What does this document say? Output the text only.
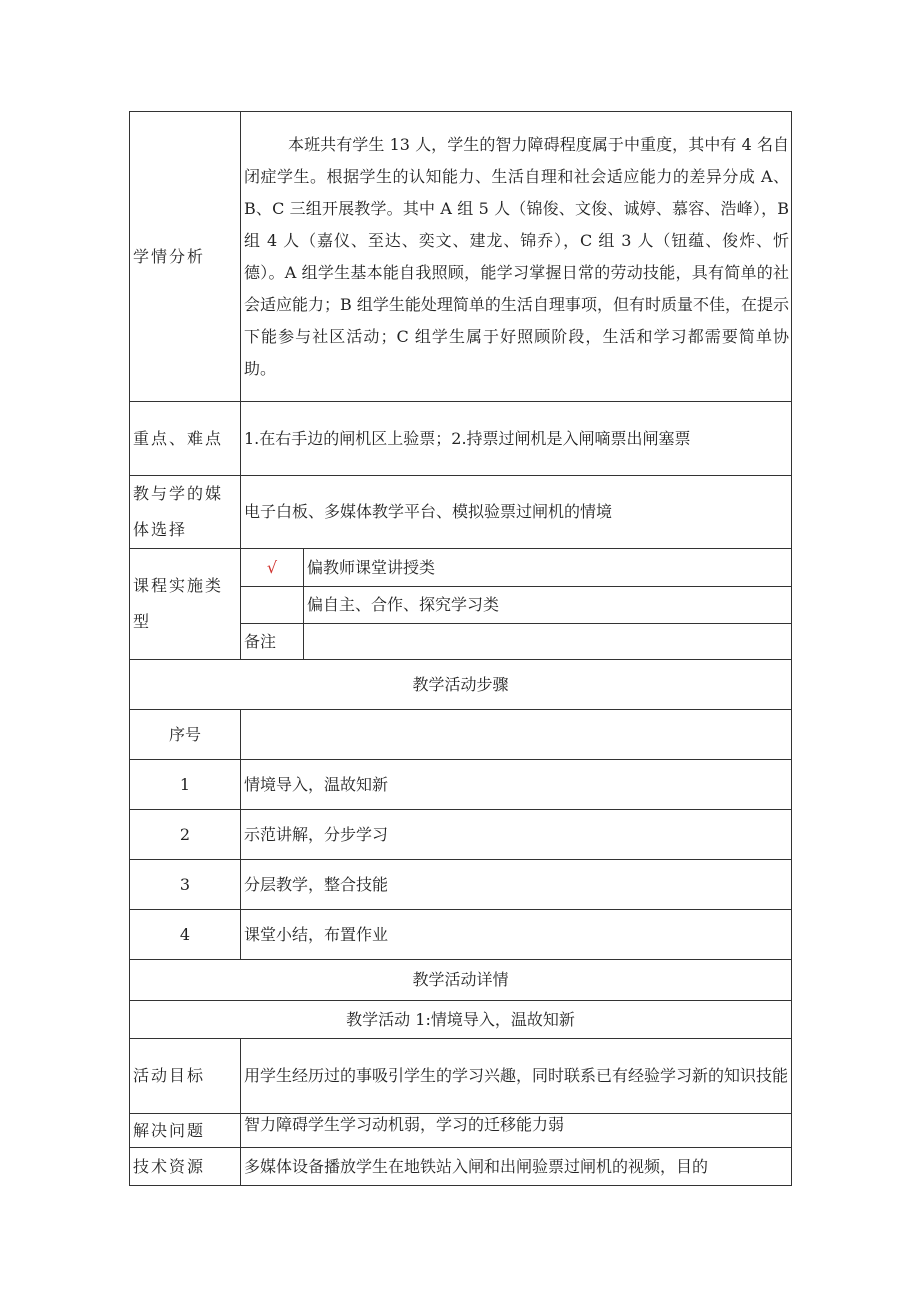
学情分析	本班共有学生 13 人，学生的智力障碍程度属于中重度，其中有 4 名自闭症学生。根据学生的认知能力、生活自理和社会适应能力的差异分成 A、B、C 三组开展教学。其中 A 组 5 人（锦俊、文俊、诚婷、慕容、浩峰），B 组 4 人（嘉仪、至达、奕文、建龙、锦乔），C 组 3 人（钮蕴、俊炸、忻德）。A 组学生基本能自我照顾，能学习掌握日常的劳动技能，具有简单的社会适应能力；B 组学生能处理简单的生活自理事项，但有时质量不佳，在提示下能参与社区活动；C 组学生属于好照顾阶段，生活和学习都需要简单协助。	
重点、难点	1.在右手边的闸机区上验票；2.持票过闸机是入闸嘀票出闸塞票	
教与学的媒体选择	电子白板、多媒体教学平台、模拟验票过闸机的情境	
课程实施类型	√	偏教师课堂讲授类
		偏自主、合作、探究学习类
	备注	
教学活动步骤		
序号		
1	情境导入，温故知新	
2	示范讲解，分步学习	
3	分层教学，整合技能	
4	课堂小结，布置作业	
教学活动详情		
教学活动 1:情境导入，温故知新		
活动目标	用学生经历过的事吸引学生的学习兴趣，同时联系已有经验学习新的知识技能	
解决问题	智力障碍学生学习动机弱，学习的迁移能力弱	
技术资源	多媒体设备播放学生在地铁站入闸和出闸验票过闸机的视频，目的	
